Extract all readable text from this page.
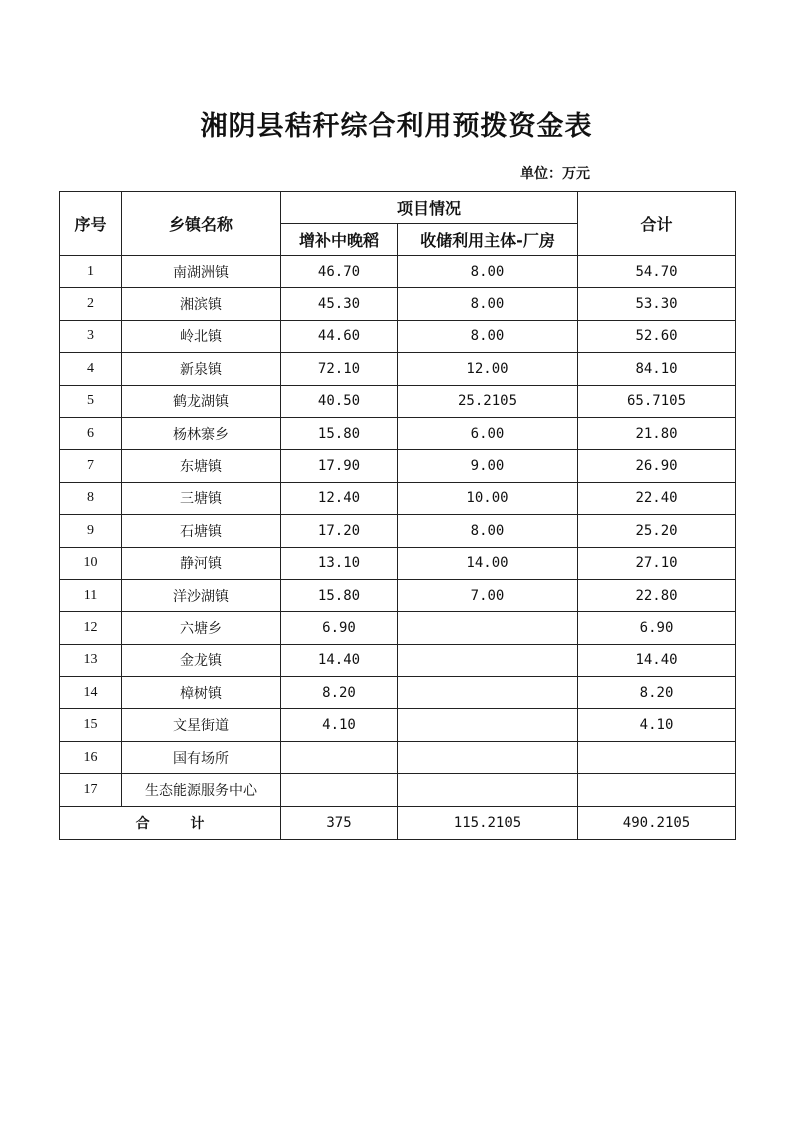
湘阴县秸秆综合利用预拨资金表
单位：万元
序号	乡镇名称	项目情况		合计
		增补中晚稻	收储利用主体-厂房	
1	南湖洲镇	46.70	8.00	54.70
2	湘滨镇	45.30	8.00	53.30
3	岭北镇	44.60	8.00	52.60
4	新泉镇	72.10	12.00	84.10
5	鹤龙湖镇	40.50	25.2105	65.7105
6	杨林寨乡	15.80	6.00	21.80
7	东塘镇	17.90	9.00	26.90
8	三塘镇	12.40	10.00	22.40
9	石塘镇	17.20	8.00	25.20
10	静河镇	13.10	14.00	27.10
11	洋沙湖镇	15.80	7.00	22.80
12	六塘乡	6.90		6.90
13	金龙镇	14.40		14.40
14	樟树镇	8.20		8.20
15	文星街道	4.10		4.10
16	国有场所			
17	生态能源服务中心			
合 计		375	115.2105	490.2105
